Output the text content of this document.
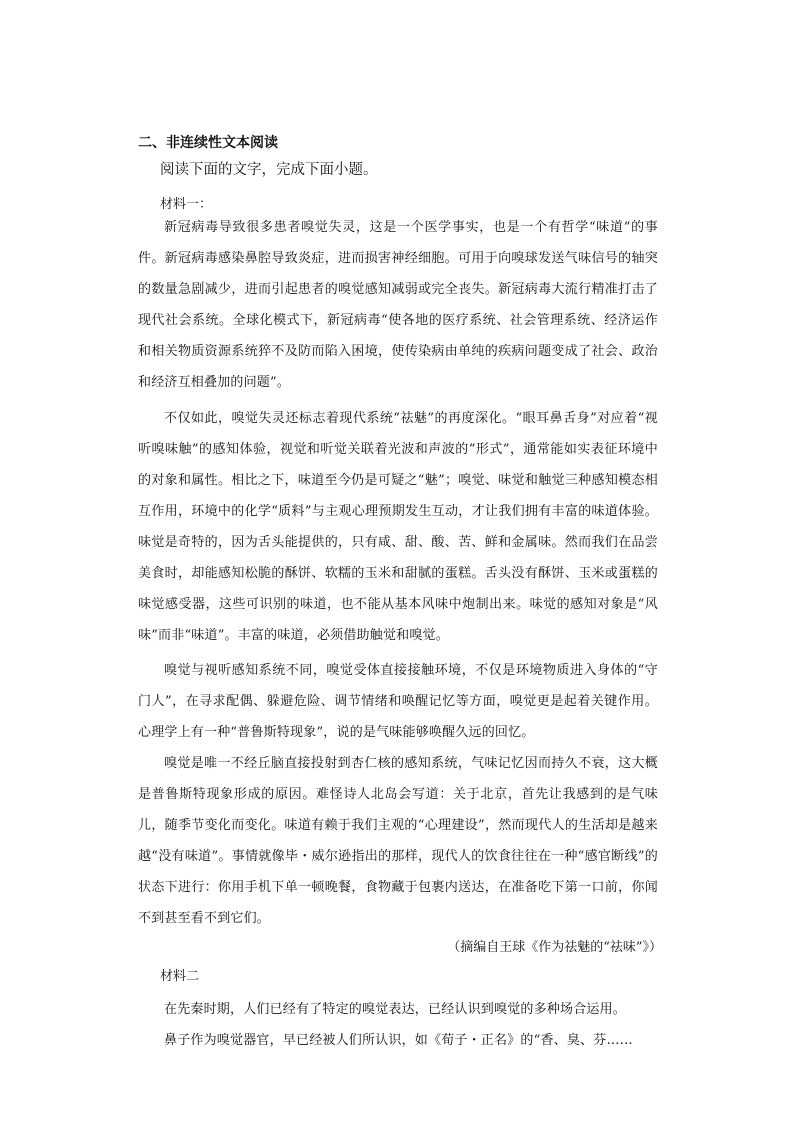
二、非连续性文本阅读
阅读下面的文字，完成下面小题。
材料一：

新冠病毒导致很多患者嗅觉失灵，这是一个医学事实，也是一个有哲学“味道”的事件。新冠病毒感染鼻腔导致炎症，进而损害神经细胞。可用于向嗅球发送气味信号的轴突的数量急剧减少，进而引起患者的嗅觉感知减弱或完全丧失。新冠病毒大流行精准打击了现代社会系统。全球化模式下，新冠病毒“使各地的医疗系统、社会管理系统、经济运作和相关物质资源系统猝不及防而陷入困境，使传染病由单纯的疾病问题变成了社会、政治和经济互相叠加的问题”。

不仅如此，嗅觉失灵还标志着现代系统“祛魅”的再度深化。“眼耳鼻舌身”对应着“视听嗅味触”的感知体验，视觉和听觉关联着光波和声波的“形式”，通常能如实表征环境中的对象和属性。相比之下，味道至今仍是可疑之“魅”；嗅觉、味觉和触觉三种感知模态相互作用，环境中的化学“质料”与主观心理预期发生互动，才让我们拥有丰富的味道体验。味觉是奇特的，因为舌头能提供的，只有咸、甜、酸、苦、鲜和金属味。然而我们在品尝美食时，却能感知松脆的酥饼、软糯的玉米和甜腻的蛋糕。舌头没有酥饼、玉米或蛋糕的味觉感受器，这些可识别的味道，也不能从基本风味中炮制出来。味觉的感知对象是“风味”而非“味道”。丰富的味道，必须借助触觉和嗅觉。

嗅觉与视听感知系统不同，嗅觉受体直接接触环境，不仅是环境物质进入身体的“守门人”，在寻求配偶、躲避危险、调节情绪和唤醒记忆等方面，嗅觉更是起着关键作用。心理学上有一种“普鲁斯特现象”，说的是气味能够唤醒久远的回忆。

嗅觉是唯一不经丘脑直接投射到杏仁核的感知系统，气味记忆因而持久不衰，这大概是普鲁斯特现象形成的原因。难怪诗人北岛会写道：关于北京，首先让我感到的是气味儿，随季节变化而变化。味道有赖于我们主观的“心理建设”，然而现代人的生活却是越来越“没有味道”。事情就像毕・威尔逊指出的那样，现代人的饮食往往在一种“感官断线”的状态下进行：你用手机下单一顿晚餐，食物藏于包裹内送达，在准备吃下第一口前，你闻不到甚至看不到它们。

（摘编自王球《作为祛魅的“祛味”》）
材料二

在先秦时期，人们已经有了特定的嗅觉表达，已经认识到嗅觉的多种场合运用。

鼻子作为嗅觉器官，早已经被人们所认识，如《荀子・正名》的“香、臭、芬……
